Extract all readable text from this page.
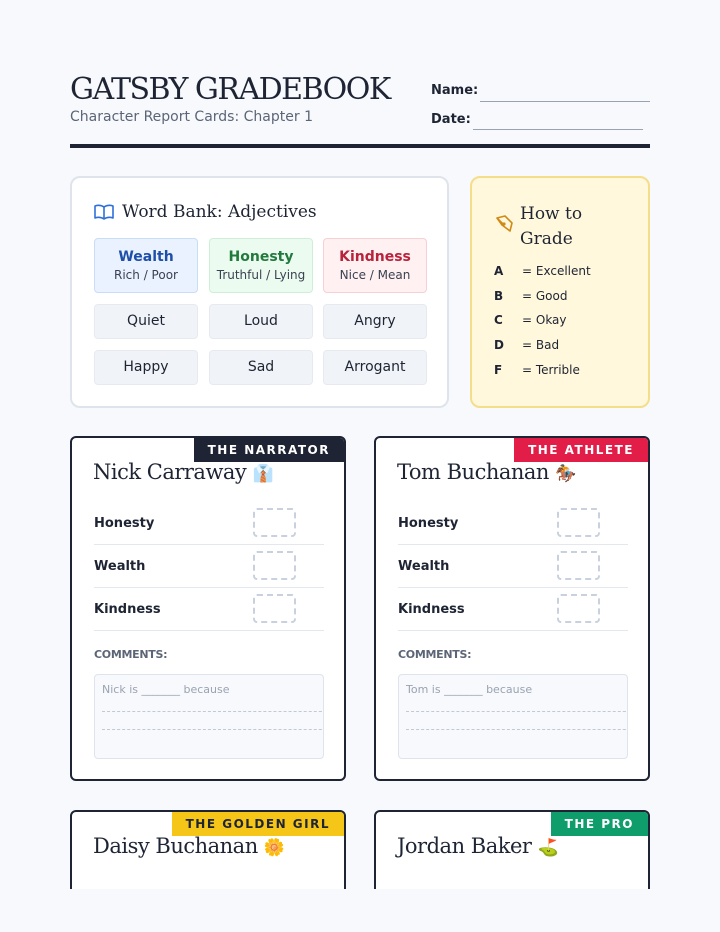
GATSBY GRADEBOOK
Character Report Cards: Chapter 1
Name:
Date:
Word Bank: Adjectives
Wealth
Rich / Poor
Honesty
Truthful / Lying
Kindness
Nice / Mean
Quiet	Loud	Angry
Happy	Sad	Arrogant
How to
Grade
A = Excellent
B = Good
C = Okay
D = Bad
F = Terrible
THE NARRATOR
Nick Carraway 👔
Honesty
Wealth
Kindness
COMMENTS:
Nick is _______ because
THE ATHLETE
Tom Buchanan 🏇
Honesty
Wealth
Kindness
COMMENTS:
Tom is _______ because
THE GOLDEN GIRL
Daisy Buchanan 🌼
THE PRO
Jordan Baker ⛳
